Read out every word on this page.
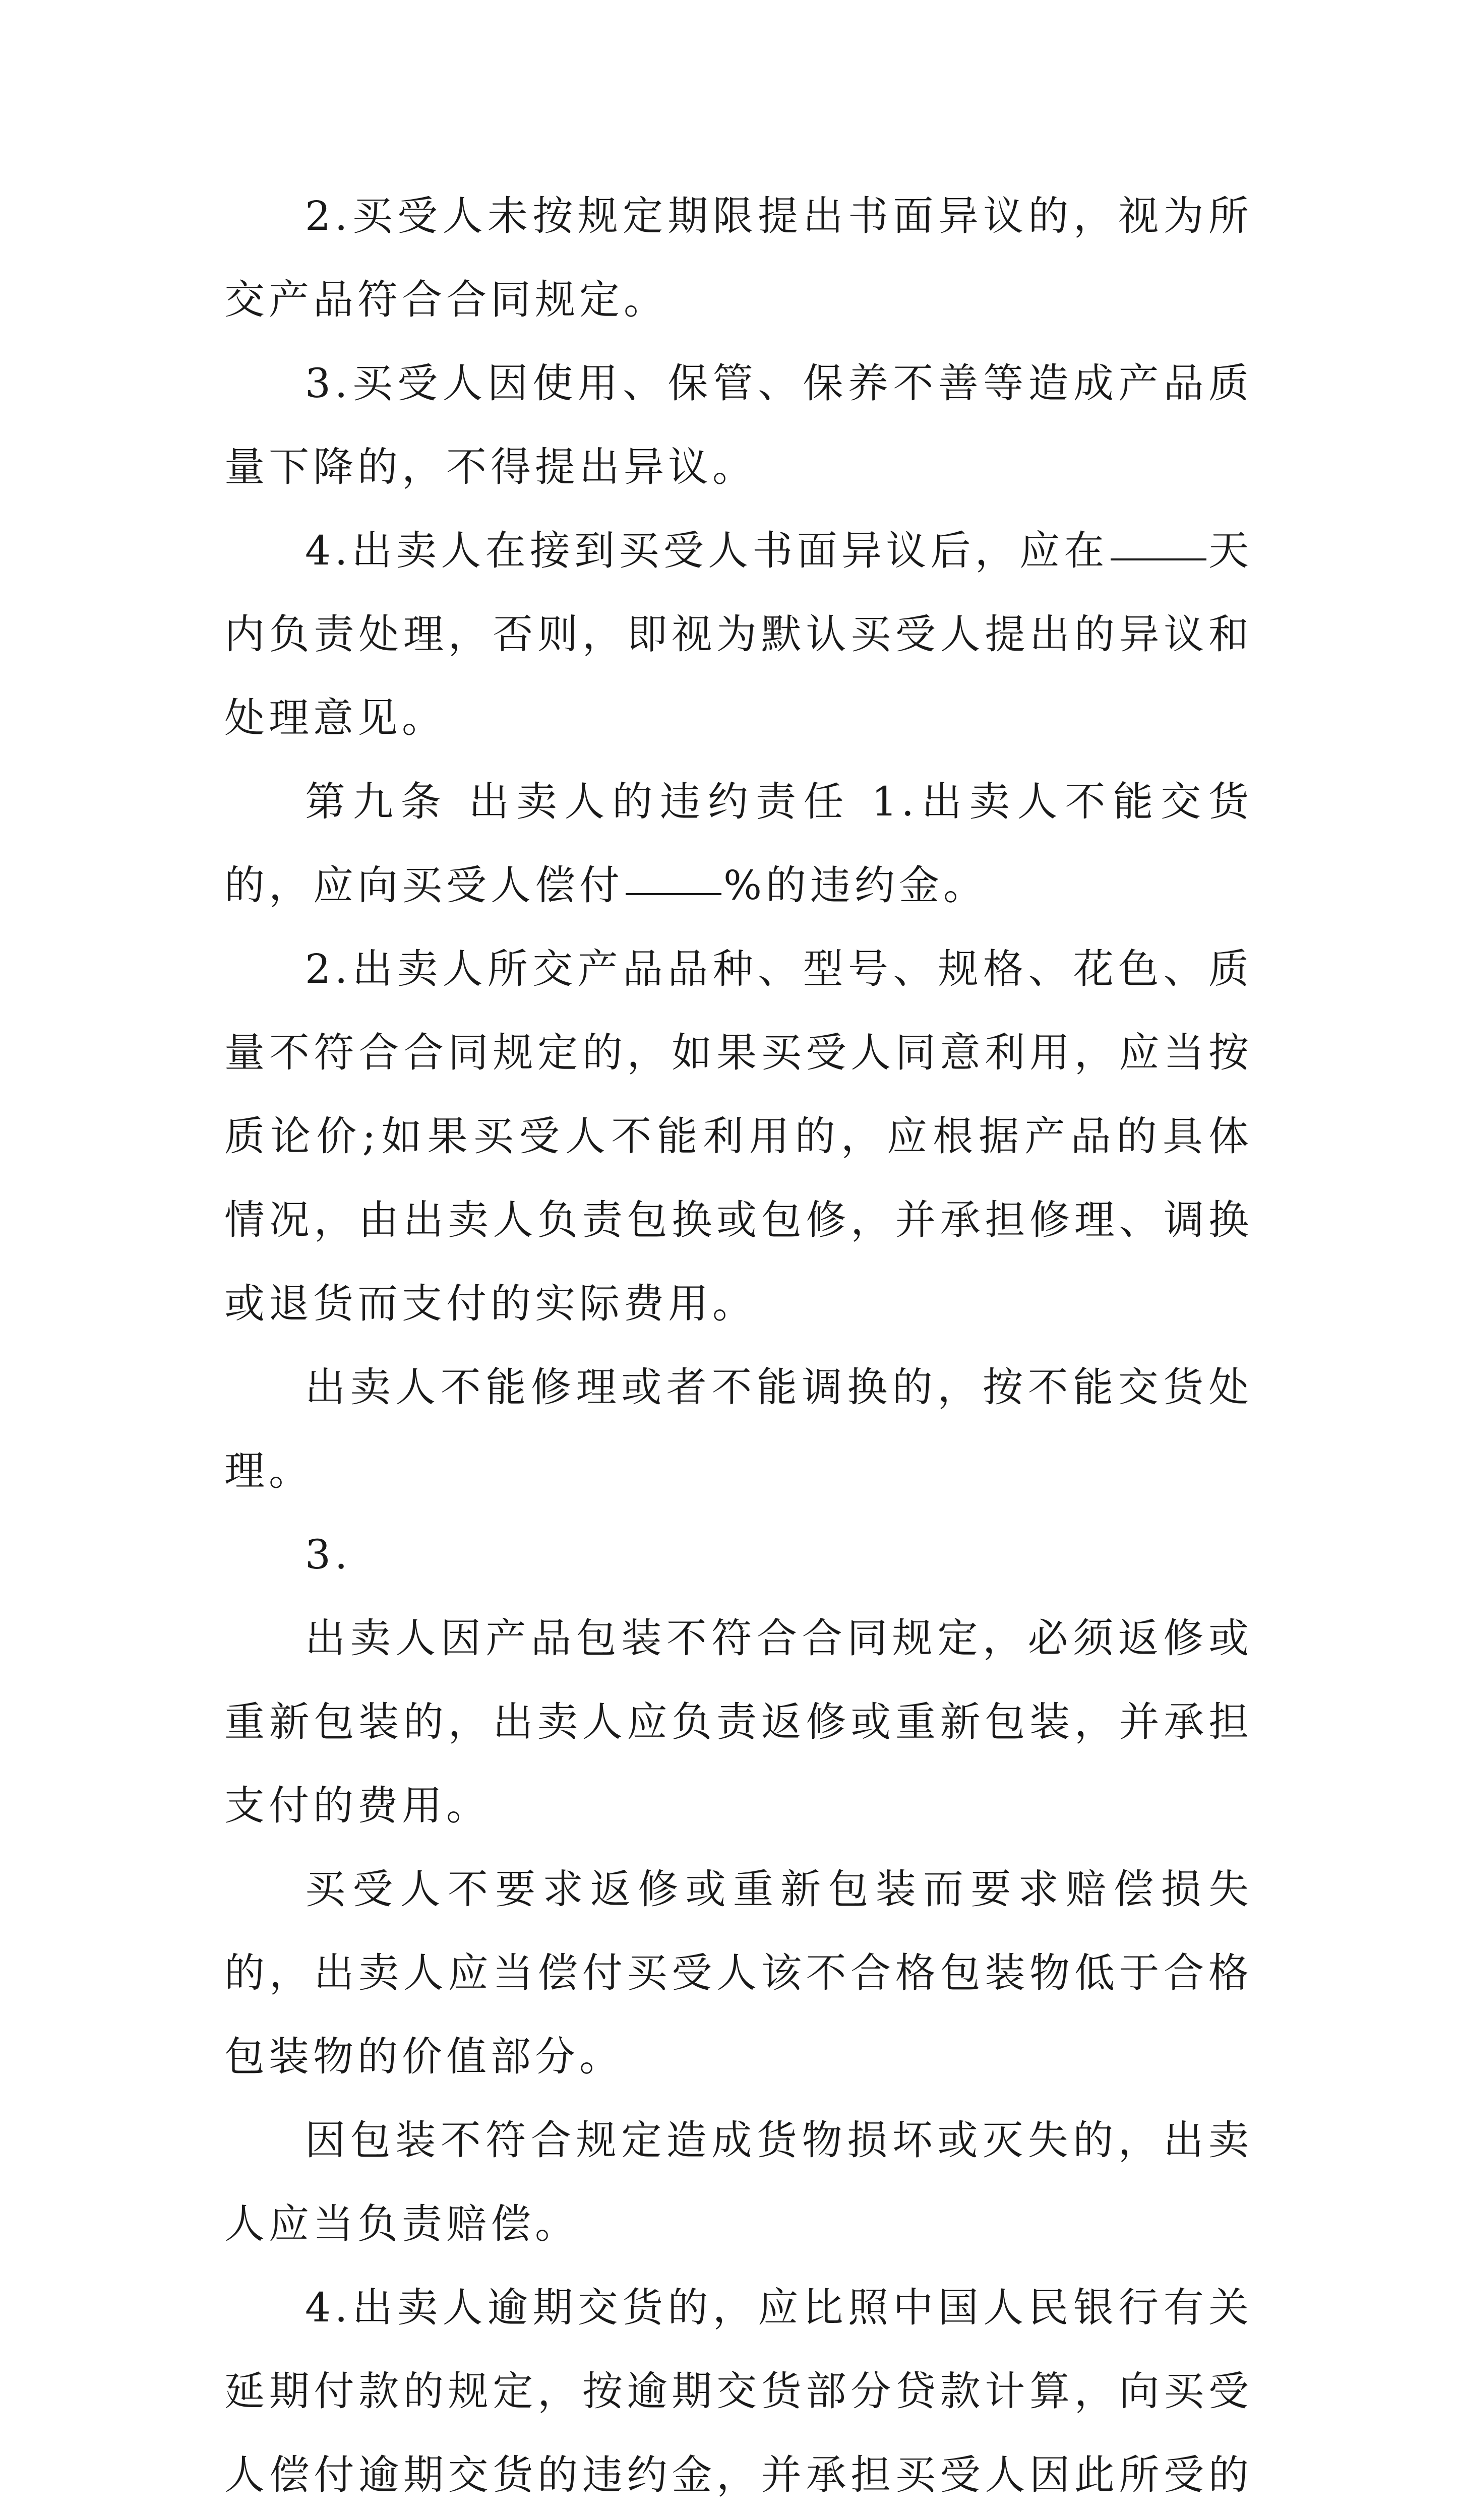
2.买受人未按规定期限提出书面异议的，视为所交产品符合合同规定。

3.买受人因使用、保管、保养不善等造成产品质量下降的，不得提出异议。

4.出卖人在接到买受人书面异议后，应在 天内负责处理，否则，即视为默认买受人提出的异议和处理意见。

第九条 出卖人的违约责任 1.出卖人不能交货的，应向买受人偿付 %的违约金。

2.出卖人所交产品品种、型号、规格、花色、质量不符合合同规定的，如果买受人同意利用，应当按质论价;如果买受人不能利用的，应根据产品的具体情况，由出卖人负责包换或包修，并承担修理、调换或退货而支付的实际费用。

出卖人不能修理或者不能调换的，按不能交货处理。

3.

出卖人因产品包装不符合合同规定，必须返修或重新包装的，出卖人应负责返修或重新包装，并承担支付的费用。

买受人不要求返修或重新包装而要求赔偿损失的，出卖人应当偿付买受人该不合格包装物低于合格包装物的价值部分。

因包装不符合规定造成货物损坏或灭失的，出卖人应当负责赔偿。

4.出卖人逾期交货的，应比照中国人民银行有关延期付款的规定，按逾期交货部分贷款计算，向买受人偿付逾期交货的违约金，并承担买受人因此所受的
